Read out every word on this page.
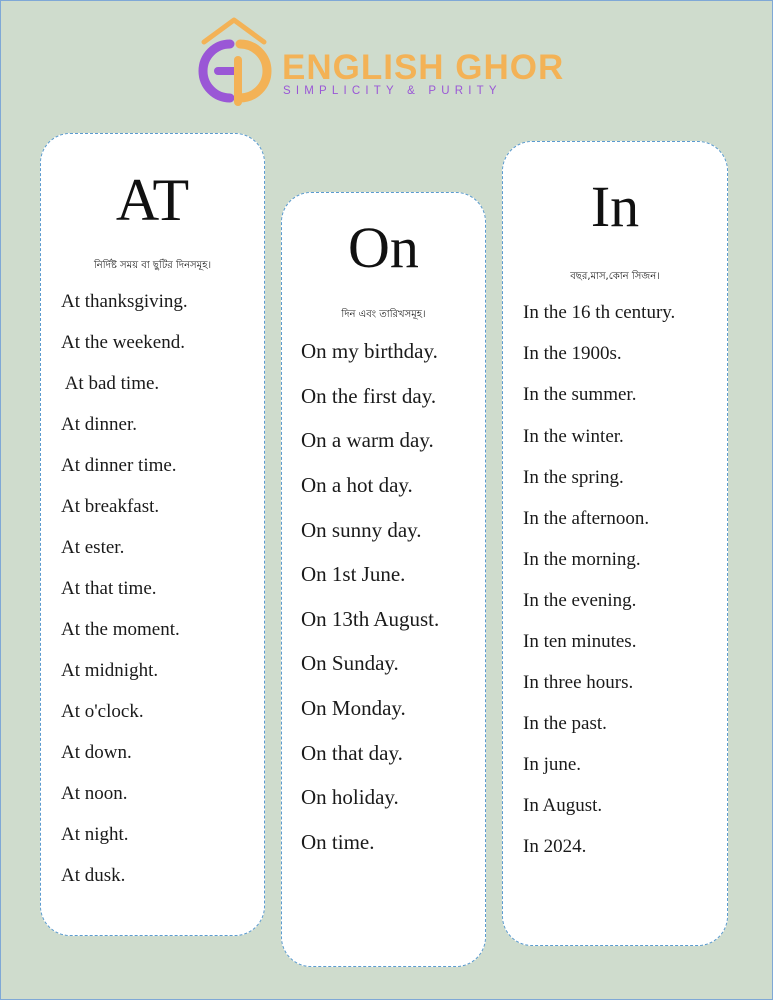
ENGLISH GHOR
SIMPLICITY & PURITY
AT
নির্দিষ্ট সময় বা ছুটির দিনসমূহ।
At thanksgiving.
At the weekend.
At bad time.
At dinner.
At dinner time.
At breakfast.
At ester.
At that time.
At the moment.
At midnight.
At o'clock.
At down.
At noon.
At night.
At dusk.
On
দিন এবং তারিখসমূহ।
On my birthday.
On the first day.
On a warm day.
On a hot day.
On sunny day.
On 1st June.
On 13th August.
On Sunday.
On Monday.
On that day.
On holiday.
On time.
In
বছর,মাস,কোন সিজন।
In the 16 th century.
In the 1900s.
In the summer.
In the winter.
In the spring.
In the afternoon.
In the morning.
In the evening.
In ten minutes.
In three hours.
In the past.
In june.
In August.
In 2024.
